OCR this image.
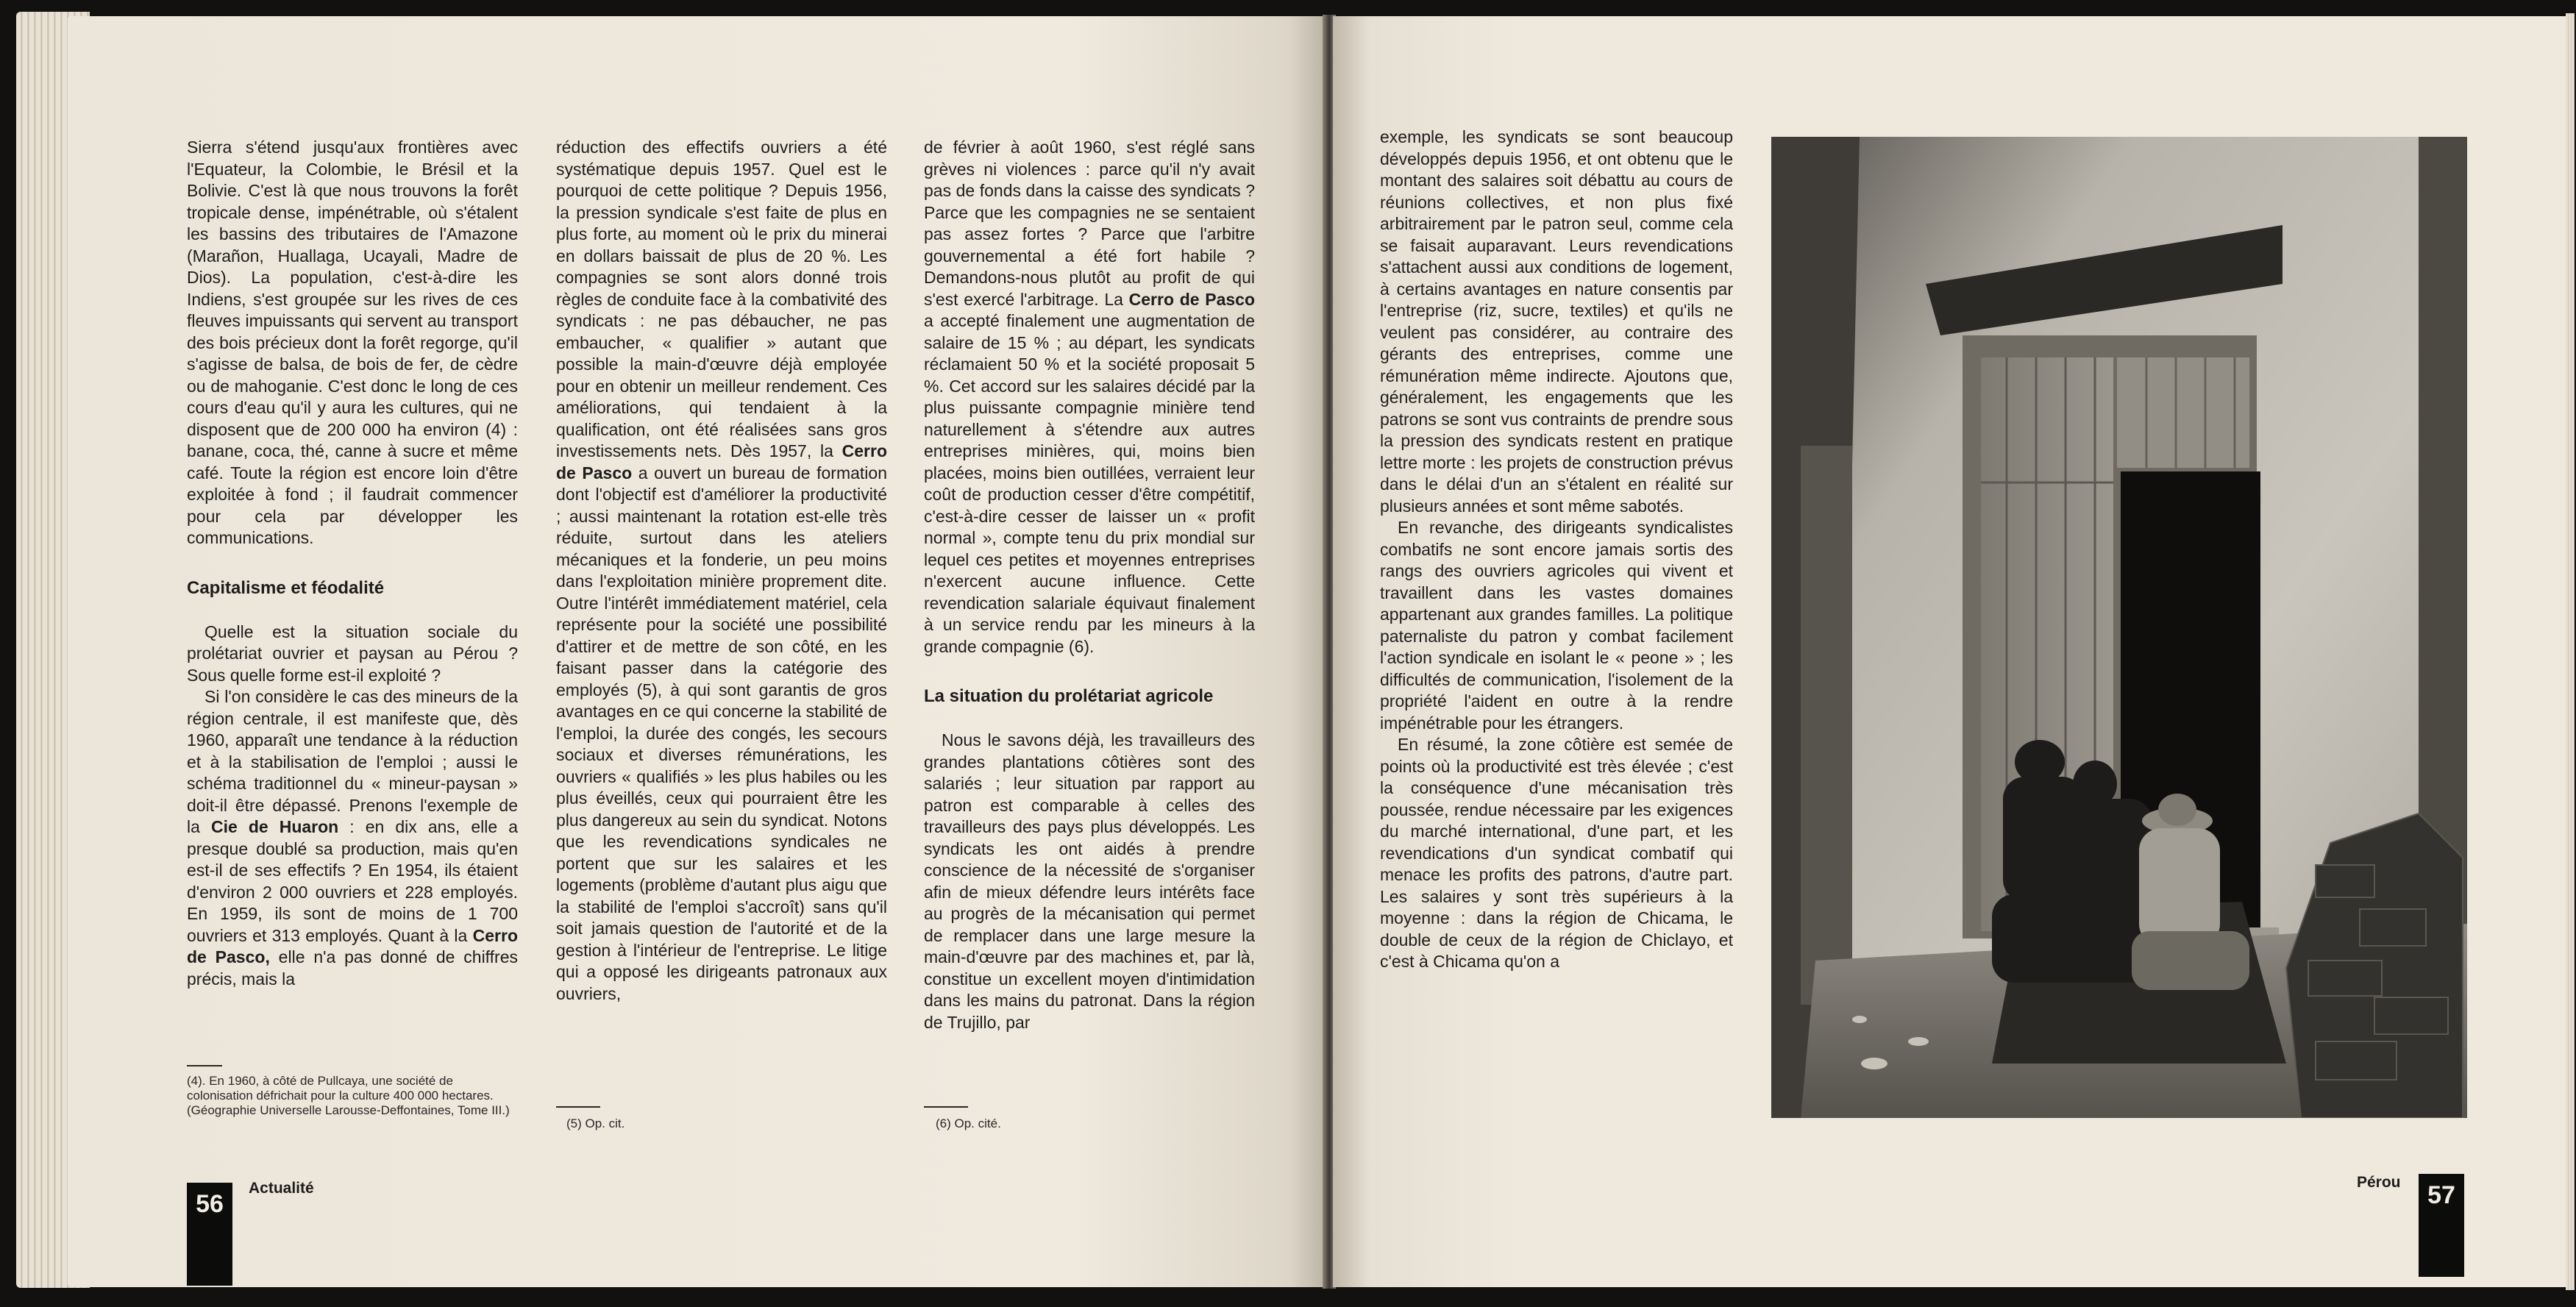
Sierra s'étend jusqu'aux frontières avec l'Equateur, la Colombie, le Brésil et la Bolivie. C'est là que nous trouvons la forêt tropicale dense, impénétrable, où s'étalent les bassins des tributaires de l'Amazone (Marañon, Huallaga, Ucayali, Madre de Dios). La population, c'est-à-dire les Indiens, s'est groupée sur les rives de ces fleuves impuissants qui servent au transport des bois précieux dont la forêt regorge, qu'il s'agisse de balsa, de bois de fer, de cèdre ou de mahoganie. C'est donc le long de ces cours d'eau qu'il y aura les cultures, qui ne disposent que de 200 000 ha environ (4) : banane, coca, thé, canne à sucre et même café. Toute la région est encore loin d'être exploitée à fond ; il faudrait commencer pour cela par développer les communications.

Capitalisme et féodalité

Quelle est la situation sociale du prolétariat ouvrier et paysan au Pérou ? Sous quelle forme est-il exploité ?

Si l'on considère le cas des mineurs de la région centrale, il est manifeste que, dès 1960, apparaît une tendance à la réduction et à la stabilisation de l'emploi ; aussi le schéma traditionnel du « mineur-paysan » doit-il être dépassé. Prenons l'exemple de la Cie de Huaron : en dix ans, elle a presque doublé sa production, mais qu'en est-il de ses effectifs ? En 1954, ils étaient d'environ 2 000 ouvriers et 228 employés. En 1959, ils sont de moins de 1 700 ouvriers et 313 employés. Quant à la Cerro de Pasco, elle n'a pas donné de chiffres précis, mais la

(4). En 1960, à côté de Pullcaya, une société de colonisation défrichait pour la culture 400 000 hectares. (Géographie Universelle Larousse-Deffontaines, Tome III.)

réduction des effectifs ouvriers a été systématique depuis 1957. Quel est le pourquoi de cette politique ? Depuis 1956, la pression syndicale s'est faite de plus en plus forte, au moment où le prix du minerai en dollars baissait de plus de 20 %. Les compagnies se sont alors donné trois règles de conduite face à la combativité des syndicats : ne pas débaucher, ne pas embaucher, « qualifier » autant que possible la main-d'œuvre déjà employée pour en obtenir un meilleur rendement. Ces améliorations, qui tendaient à la qualification, ont été réalisées sans gros investissements nets. Dès 1957, la Cerro de Pasco a ouvert un bureau de formation dont l'objectif est d'améliorer la productivité ; aussi maintenant la rotation est-elle très réduite, surtout dans les ateliers mécaniques et la fonderie, un peu moins dans l'exploitation minière proprement dite. Outre l'intérêt immédiatement matériel, cela représente pour la société une possibilité d'attirer et de mettre de son côté, en les faisant passer dans la catégorie des employés (5), à qui sont garantis de gros avantages en ce qui concerne la stabilité de l'emploi, la durée des congés, les secours sociaux et diverses rémunérations, les ouvriers « qualifiés » les plus habiles ou les plus éveillés, ceux qui pourraient être les plus dangereux au sein du syndicat. Notons que les revendications syndicales ne portent que sur les salaires et les logements (problème d'autant plus aigu que la stabilité de l'emploi s'accroît) sans qu'il soit jamais question de l'autorité et de la gestion à l'intérieur de l'entreprise. Le litige qui a opposé les dirigeants patronaux aux ouvriers,

(5) Op. cit.

de février à août 1960, s'est réglé sans grèves ni violences : parce qu'il n'y avait pas de fonds dans la caisse des syndicats ? Parce que les compagnies ne se sentaient pas assez fortes ? Parce que l'arbitre gouvernemental a été fort habile ? Demandons-nous plutôt au profit de qui s'est exercé l'arbitrage. La Cerro de Pasco a accepté finalement une augmentation de salaire de 15 % ; au départ, les syndicats réclamaient 50 % et la société proposait 5 %. Cet accord sur les salaires décidé par la plus puissante compagnie minière tend naturellement à s'étendre aux autres entreprises minières, qui, moins bien placées, moins bien outillées, verraient leur coût de production cesser d'être compétitif, c'est-à-dire cesser de laisser un « profit normal », compte tenu du prix mondial sur lequel ces petites et moyennes entreprises n'exercent aucune influence. Cette revendication salariale équivaut finalement à un service rendu par les mineurs à la grande compagnie (6).

La situation du prolétariat agricole

Nous le savons déjà, les travailleurs des grandes plantations côtières sont des salariés ; leur situation par rapport au patron est comparable à celles des travailleurs des pays plus développés. Les syndicats les ont aidés à prendre conscience de la nécessité de s'organiser afin de mieux défendre leurs intérêts face au progrès de la mécanisation qui permet de remplacer dans une large mesure la main-d'œuvre par des machines et, par là, constitue un excellent moyen d'intimidation dans les mains du patronat. Dans la région de Trujillo, par

(6) Op. cité.
56
Actualité

exemple, les syndicats se sont beaucoup développés depuis 1956, et ont obtenu que le montant des salaires soit débattu au cours de réunions collectives, et non plus fixé arbitrairement par le patron seul, comme cela se faisait auparavant. Leurs revendications s'attachent aussi aux conditions de logement, à certains avantages en nature consentis par l'entreprise (riz, sucre, textiles) et qu'ils ne veulent pas considérer, au contraire des gérants des entreprises, comme une rémunération même indirecte. Ajoutons que, généralement, les engagements que les patrons se sont vus contraints de prendre sous la pression des syndicats restent en pratique lettre morte : les projets de construction prévus dans le délai d'un an s'étalent en réalité sur plusieurs années et sont même sabotés.

En revanche, des dirigeants syndicalistes combatifs ne sont encore jamais sortis des rangs des ouvriers agricoles qui vivent et travaillent dans les vastes domaines appartenant aux grandes familles. La politique paternaliste du patron y combat facilement l'action syndicale en isolant le « peone » ; les difficultés de communication, l'isolement de la propriété l'aident en outre à la rendre impénétrable pour les étrangers.

En résumé, la zone côtière est semée de points où la productivité est très élevée ; c'est la conséquence d'une mécanisation très poussée, rendue nécessaire par les exigences du marché international, d'une part, et les revendications d'un syndicat combatif qui menace les profits des patrons, d'autre part. Les salaires y sont très supérieurs à la moyenne : dans la région de Chicama, le double de ceux de la région de Chiclayo, et c'est à Chicama qu'on a

Pérou	57
